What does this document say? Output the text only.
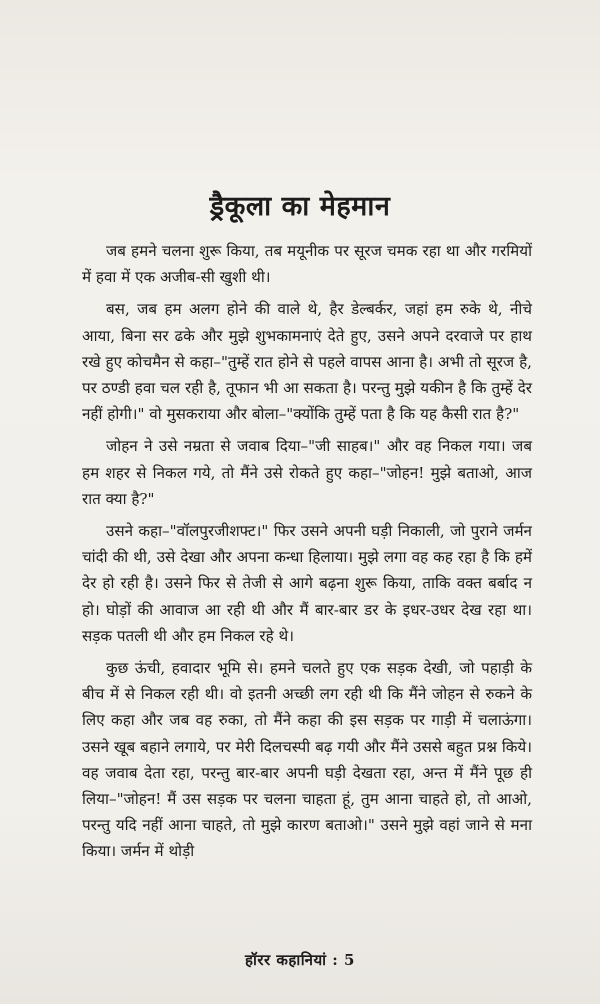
ड्रैकूला का मेहमान

जब हमने चलना शुरू किया, तब मयूनीक पर सूरज चमक रहा था और गरमियों में हवा में एक अजीब-सी खुशी थी।

बस, जब हम अलग होने की वाले थे, हैर डेल्बर्कर, जहां हम रुके थे, नीचे आया, बिना सर ढके और मुझे शुभकामनाएं देते हुए, उसने अपने दरवाजे पर हाथ रखे हुए कोचमैन से कहा–"तुम्हें रात होने से पहले वापस आना है। अभी तो सूरज है, पर ठण्डी हवा चल रही है, तूफान भी आ सकता है। परन्तु मुझे यकीन है कि तुम्हें देर नहीं होगी।" वो मुसकराया और बोला–"क्योंकि तुम्हें पता है कि यह कैसी रात है?"

जोहन ने उसे नम्रता से जवाब दिया–"जी साहब।" और वह निकल गया। जब हम शहर से निकल गये, तो मैंने उसे रोकते हुए कहा–"जोहन! मुझे बताओ, आज रात क्या है?"

उसने कहा–"वॉलपुरजीशफ्ट।" फिर उसने अपनी घड़ी निकाली, जो पुराने जर्मन चांदी की थी, उसे देखा और अपना कन्धा हिलाया। मुझे लगा वह कह रहा है कि हमें देर हो रही है। उसने फिर से तेजी से आगे बढ़ना शुरू किया, ताकि वक्त बर्बाद न हो। घोड़ों की आवाज आ रही थी और मैं बार-बार डर के इधर-उधर देख रहा था। सड़क पतली थी और हम निकल रहे थे।

कुछ ऊंची, हवादार भूमि से। हमने चलते हुए एक सड़क देखी, जो पहाड़ी के बीच में से निकल रही थी। वो इतनी अच्छी लग रही थी कि मैंने जोहन से रुकने के लिए कहा और जब वह रुका, तो मैंने कहा की इस सड़क पर गाड़ी में चलाऊंगा। उसने खूब बहाने लगाये, पर मेरी दिलचस्पी बढ़ गयी और मैंने उससे बहुत प्रश्न किये। वह जवाब देता रहा, परन्तु बार-बार अपनी घड़ी देखता रहा, अन्त में मैंने पूछ ही लिया–"जोहन! मैं उस सड़क पर चलना चाहता हूं, तुम आना चाहते हो, तो आओ, परन्तु यदि नहीं आना चाहते, तो मुझे कारण बताओ।" उसने मुझे वहां जाने से मना किया। जर्मन में थोड़ी

हॉरर कहानियां : 5
